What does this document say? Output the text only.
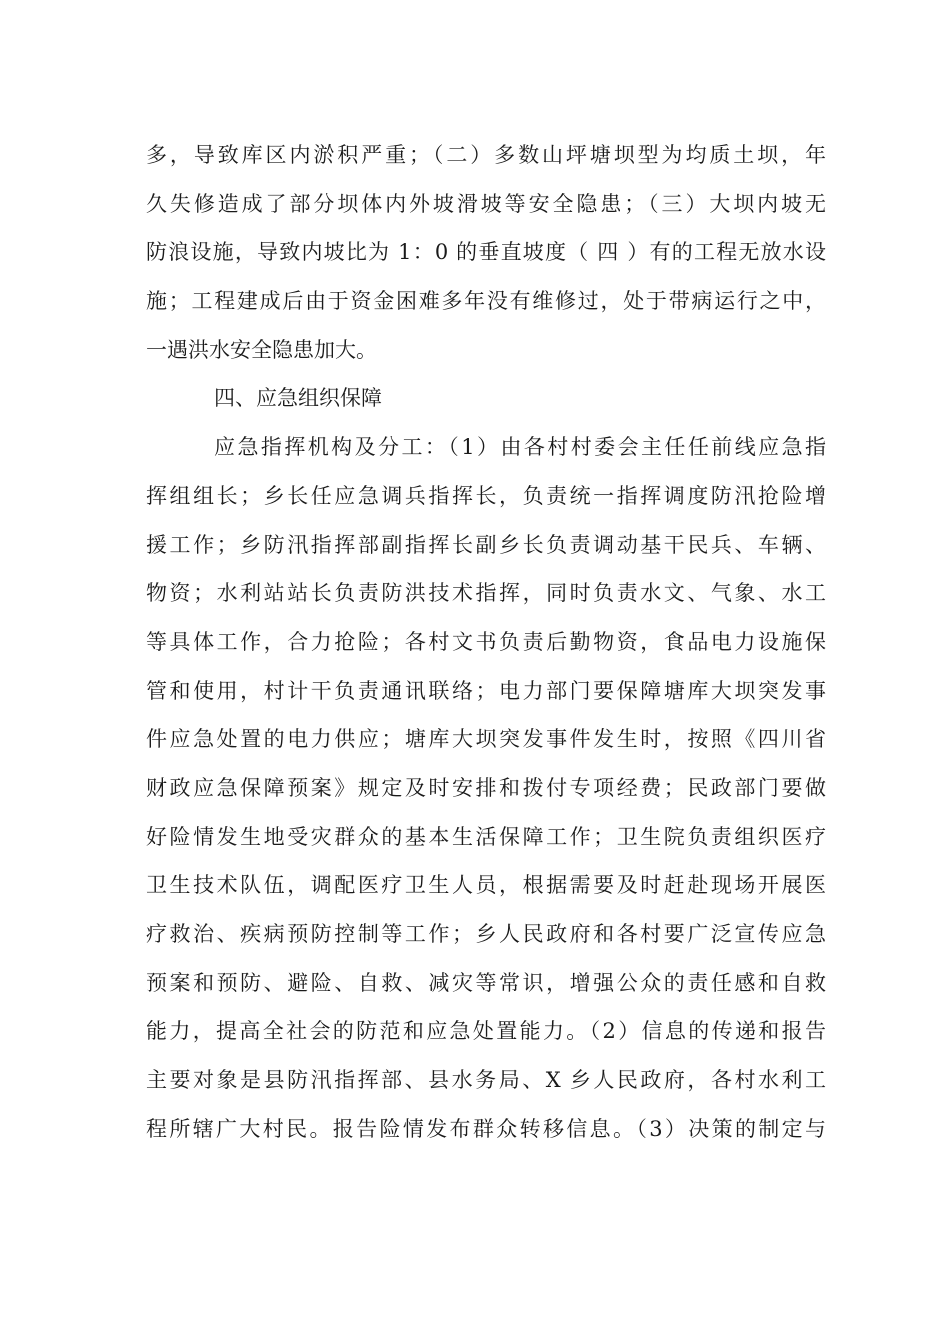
多，导致库区内淤积严重；（二）多数山坪塘坝型为均质土坝，年
久失修造成了部分坝体内外坡滑坡等安全隐患；（三）大坝内坡无
防浪设施，导致内坡比为 1：0 的垂直坡度（ 四 ）有的工程无放水设
施；工程建成后由于资金困难多年没有维修过，处于带病运行之中，
一遇洪水安全隐患加大。
四、应急组织保障
应急指挥机构及分工：（1）由各村村委会主任任前线应急指
挥组组长；乡长任应急调兵指挥长，负责统一指挥调度防汛抢险增
援工作；乡防汛指挥部副指挥长副乡长负责调动基干民兵、车辆、
物资；水利站站长负责防洪技术指挥，同时负责水文、气象、水工
等具体工作，合力抢险；各村文书负责后勤物资，食品电力设施保
管和使用，村计干负责通讯联络；电力部门要保障塘库大坝突发事
件应急处置的电力供应；塘库大坝突发事件发生时，按照《四川省
财政应急保障预案》规定及时安排和拨付专项经费；民政部门要做
好险情发生地受灾群众的基本生活保障工作；卫生院负责组织医疗
卫生技术队伍，调配医疗卫生人员，根据需要及时赶赴现场开展医
疗救治、疾病预防控制等工作；乡人民政府和各村要广泛宣传应急
预案和预防、避险、自救、减灾等常识，增强公众的责任感和自救
能力，提高全社会的防范和应急处置能力。（2）信息的传递和报告
主要对象是县防汛指挥部、县水务局、X 乡人民政府，各村水利工
程所辖广大村民。报告险情发布群众转移信息。（3）决策的制定与
